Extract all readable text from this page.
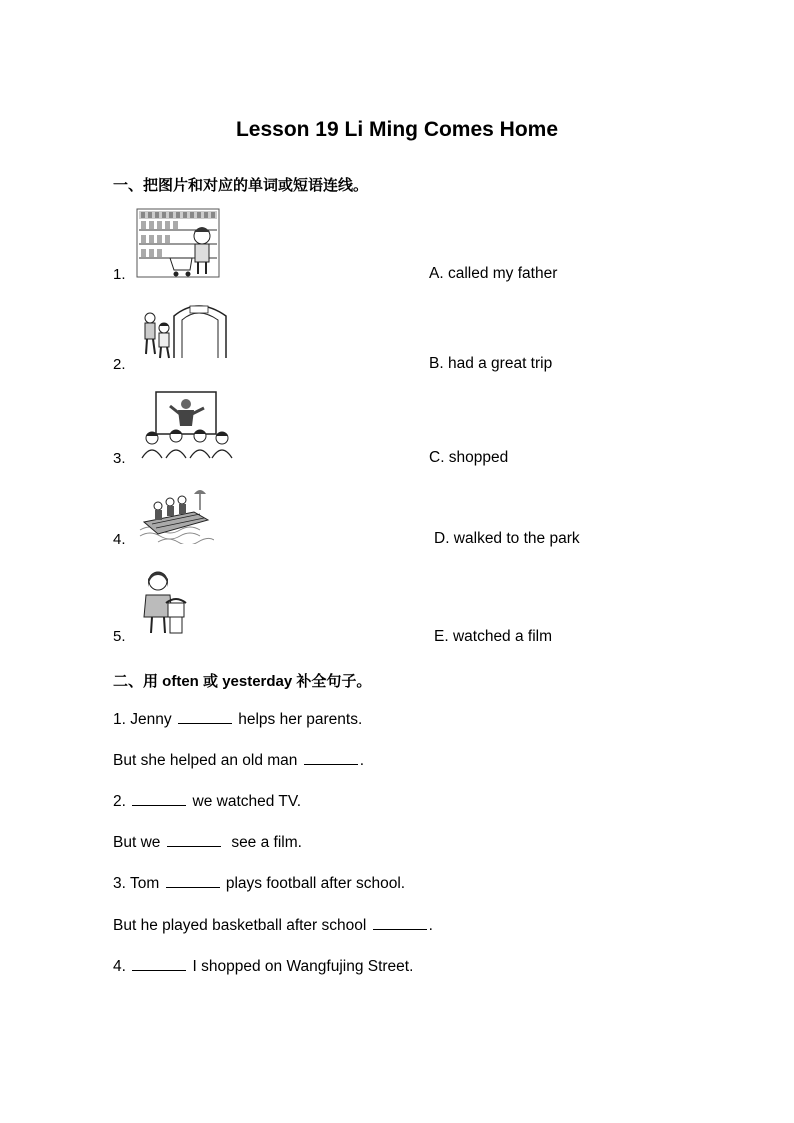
Lesson 19 Li Ming Comes Home
一、把图片和对应的单词或短语连线。
1.	A. called my father
2.	B. had a great trip
3.	C. shopped
4.	D. walked to the park
5.	E. watched a film
二、用 often 或 yesterday 补全句子。
1. Jenny	helps her parents.
But she helped an old man	.
2.	we watched TV.
But we	see a film.
3. Tom	plays football after school.
But he played basketball after school	.
4.	I shopped on Wangfujing Street.
